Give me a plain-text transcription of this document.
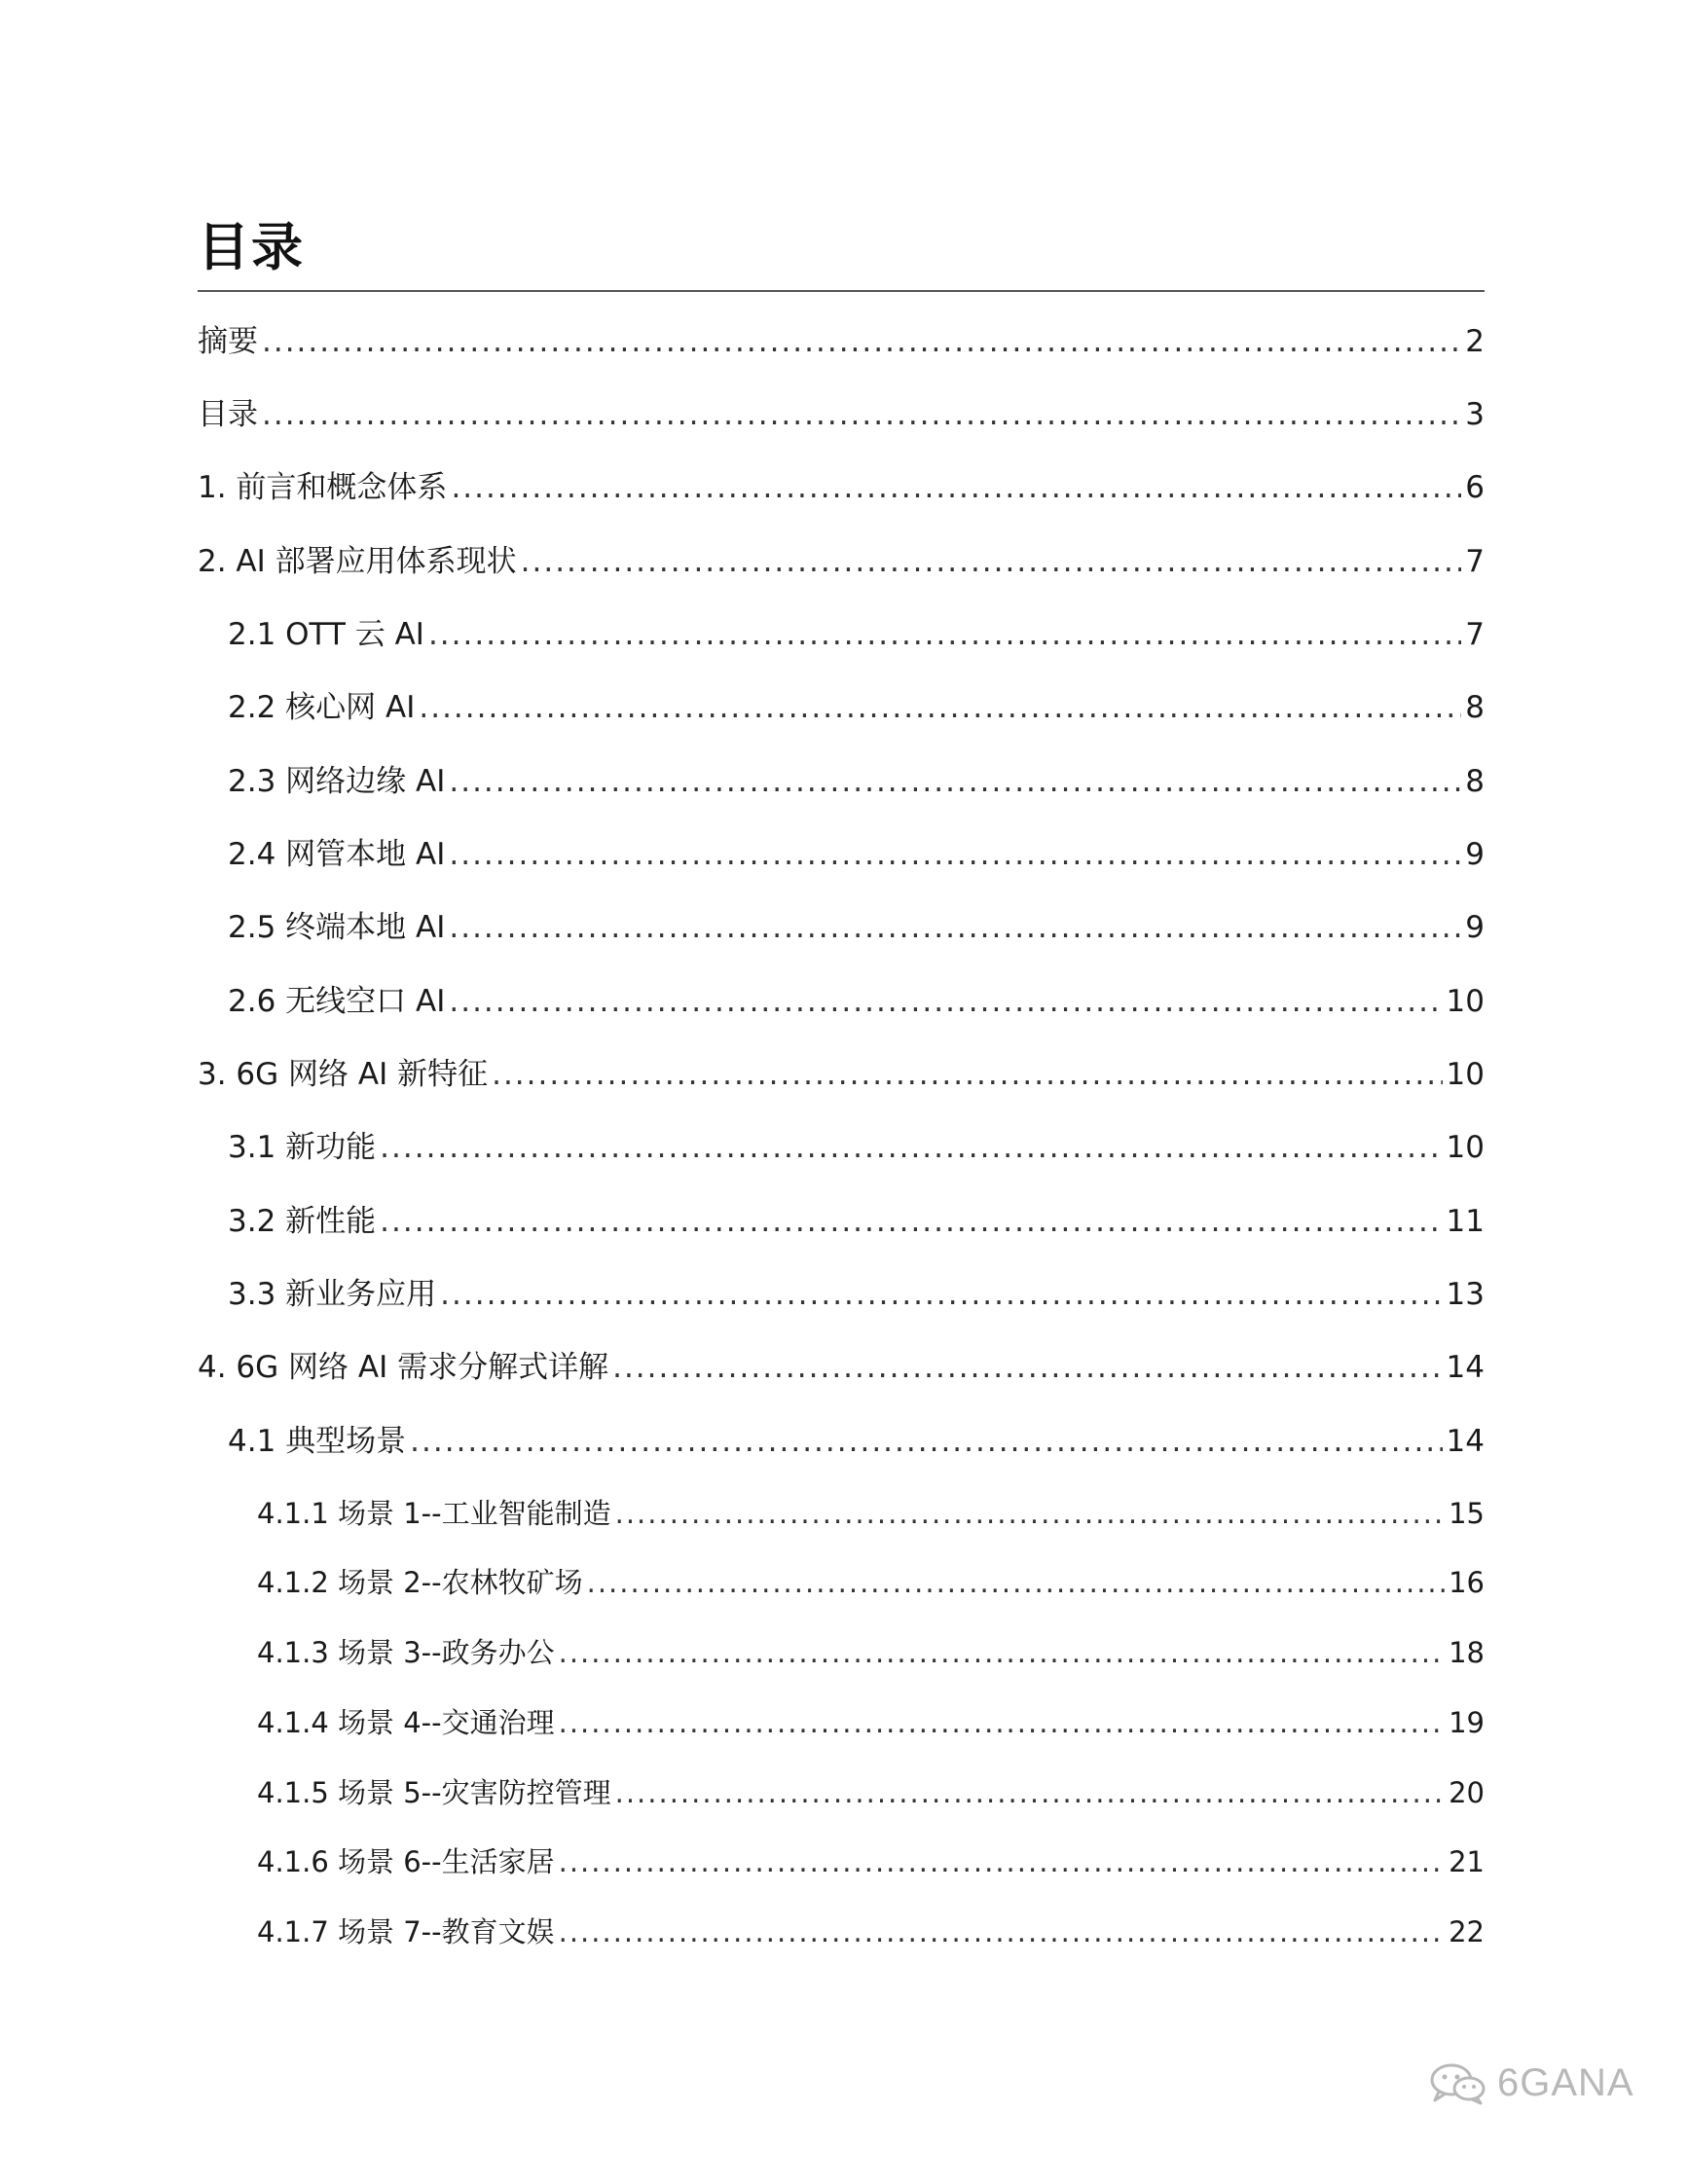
目录
摘要 .....	2
目录 .....	3
1. 前言和概念体系 .....	6
2. AI 部署应用体系现状 .....	7
2.1 OTT 云 AI .....	7
2.2 核心网 AI .....	8
2.3 网络边缘 AI .....	8
2.4 网管本地 AI .....	9
2.5 终端本地 AI .....	9
2.6 无线空口 AI .....	10
3. 6G 网络 AI 新特征 .....	10
3.1 新功能 .....	10
3.2 新性能 .....	11
3.3 新业务应用 .....	13
4. 6G 网络 AI 需求分解式详解 .....	14
4.1 典型场景 .....	14
4.1.1 场景 1--工业智能制造 .....	15
4.1.2 场景 2--农林牧矿场 .....	16
4.1.3 场景 3--政务办公 .....	18
4.1.4 场景 4--交通治理 .....	19
4.1.5 场景 5--灾害防控管理 .....	20
4.1.6 场景 6--生活家居 .....	21
4.1.7 场景 7--教育文娱 .....	22
6GANA
